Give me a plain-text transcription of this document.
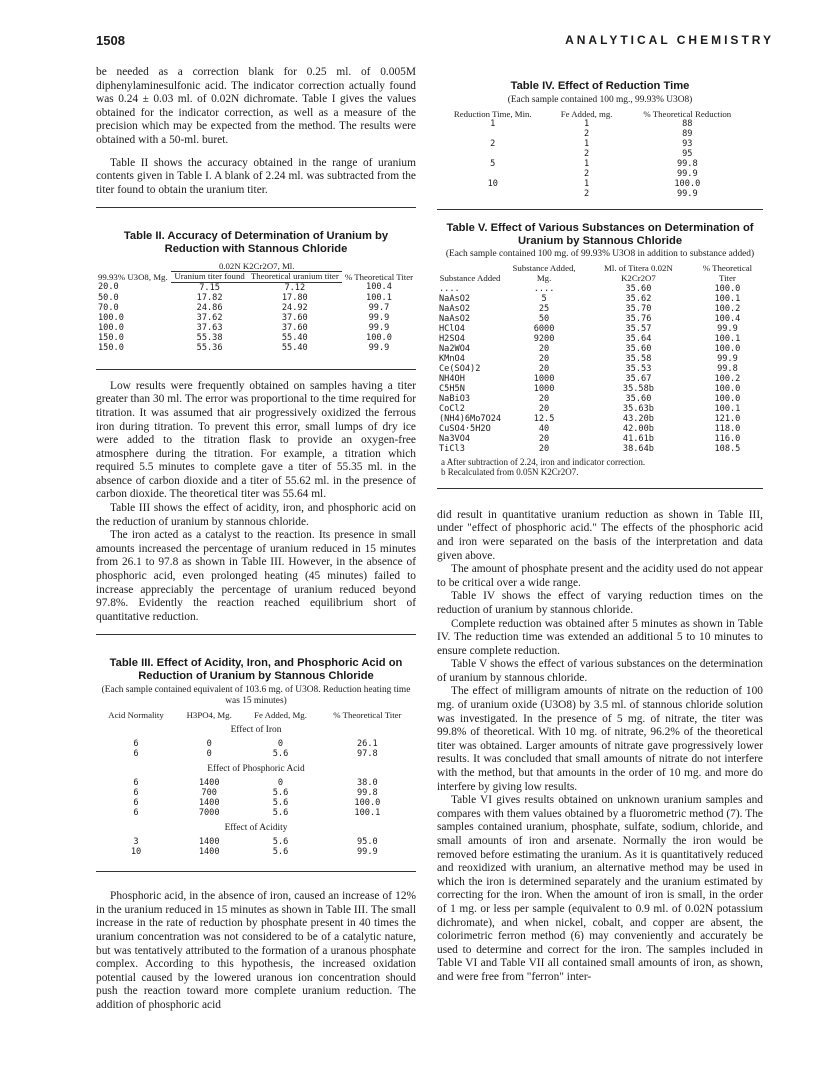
1508	ANALYTICAL CHEMISTRY

be needed as a correction blank for 0.25 ml. of 0.005M diphenylaminesulfonic acid. The indicator correction actually found was 0.24 ± 0.03 ml. of 0.02N dichromate. Table I gives the values obtained for the indicator correction, as well as a measure of the precision which may be expected from the method. The results were obtained with a 50-ml. buret.

Table II shows the accuracy obtained in the range of uranium contents given in Table I. A blank of 2.24 ml. was subtracted from the titer found to obtain the uranium titer.

Table II. Accuracy of Determination of Uranium by Reduction with Stannous Chloride

99.93% U3O8, Mg.	0.02N K2Cr2O7, Ml.		% Theoretical Titer
	Uranium titer found	Theoretical uranium titer	
20.0	7.15	7.12	100.4
50.0	17.82	17.80	100.1
70.0	24.86	24.92	99.7
100.0	37.62	37.60	99.9
100.0	37.63	37.60	99.9
150.0	55.38	55.40	100.0
150.0	55.36	55.40	99.9

Low results were frequently obtained on samples having a titer greater than 30 ml. The error was proportional to the time required for titration. It was assumed that air progressively oxidized the ferrous iron during titration. To prevent this error, small lumps of dry ice were added to the titration flask to provide an oxygen-free atmosphere during the titration. For example, a titration which required 5.5 minutes to complete gave a titer of 55.35 ml. in the absence of carbon dioxide and a titer of 55.62 ml. in the presence of carbon dioxide. The theoretical titer was 55.64 ml.

Table III shows the effect of acidity, iron, and phosphoric acid on the reduction of uranium by stannous chloride.

The iron acted as a catalyst to the reaction. Its presence in small amounts increased the percentage of uranium reduced in 15 minutes from 26.1 to 97.8 as shown in Table III. However, in the absence of phosphoric acid, even prolonged heating (45 minutes) failed to increase appreciably the percentage of uranium reduced beyond 97.8%. Evidently the reaction reached equilibrium short of quantitative reduction.

Table III. Effect of Acidity, Iron, and Phosphoric Acid on Reduction of Uranium by Stannous Chloride

(Each sample contained equivalent of 103.6 mg. of U3O8. Reduction heating time was 15 minutes)

Acid Normality	H3PO4, Mg.	Fe Added, Mg.	% Theoretical Titer
Effect of Iron			
6	0	0	26.1
6	0	5.6	97.8
Effect of Phosphoric Acid			
6	1400	0	38.0
6	700	5.6	99.8
6	1400	5.6	100.0
6	7000	5.6	100.1
Effect of Acidity			
3	1400	5.6	95.0
10	1400	5.6	99.9

Phosphoric acid, in the absence of iron, caused an increase of 12% in the uranium reduced in 15 minutes as shown in Table III. The small increase in the rate of reduction by phosphate present in 40 times the uranium concentration was not considered to be of a catalytic nature, but was tentatively attributed to the formation of a uranous phosphate complex. According to this hypothesis, the increased oxidation potential caused by the lowered uranous ion concentration should push the reaction toward more complete uranium reduction. The addition of phosphoric acid

Table IV. Effect of Reduction Time

(Each sample contained 100 mg., 99.93% U3O8)

Reduction Time, Min.	Fe Added, mg.	% Theoretical Reduction
1	1	88
	2	89
2	1	93
	2	95
5	1	99.8
	2	99.9
10	1	100.0
	2	99.9

Table V. Effect of Various Substances on Determination of Uranium by Stannous Chloride

(Each sample contained 100 mg. of 99.93% U3O8 in addition to substance added)

Substance Added	Substance Added, Mg.	Ml. of Titera 0.02N K2Cr2O7	% Theoretical Titer
....	....	35.60	100.0
NaAsO2	5	35.62	100.1
NaAsO2	25	35.70	100.2
NaAsO2	50	35.76	100.4
HClO4	6000	35.57	99.9
H2SO4	9200	35.64	100.1
Na2WO4	20	35.60	100.0
KMnO4	20	35.58	99.9
Ce(SO4)2	20	35.53	99.8
NH4OH	1000	35.67	100.2
C5H5N	1000	35.58b	100.0
NaBiO3	20	35.60	100.0
CoCl2	20	35.63b	100.1
(NH4)6Mo7O24	12.5	43.20b	121.0
CuSO4·5H2O	40	42.00b	118.0
Na3VO4	20	41.61b	116.0
TiCl3	20	38.64b	108.5

a After subtraction of 2.24, iron and indicator correction.

b Recalculated from 0.05N K2Cr2O7.

did result in quantitative uranium reduction as shown in Table III, under "effect of phosphoric acid." The effects of the phosphoric acid and iron were separated on the basis of the interpretation and data given above.

The amount of phosphate present and the acidity used do not appear to be critical over a wide range.

Table IV shows the effect of varying reduction times on the reduction of uranium by stannous chloride.

Complete reduction was obtained after 5 minutes as shown in Table IV. The reduction time was extended an additional 5 to 10 minutes to ensure complete reduction.

Table V shows the effect of various substances on the determination of uranium by stannous chloride.

The effect of milligram amounts of nitrate on the reduction of 100 mg. of uranium oxide (U3O8) by 3.5 ml. of stannous chloride solution was investigated. In the presence of 5 mg. of nitrate, the titer was 99.8% of theoretical. With 10 mg. of nitrate, 96.2% of the theoretical titer was obtained. Larger amounts of nitrate gave progressively lower results. It was concluded that small amounts of nitrate do not interfere with the method, but that amounts in the order of 10 mg. and more do interfere by giving low results.

Table VI gives results obtained on unknown uranium samples and compares with them values obtained by a fluorometric method (7). The samples contained uranium, phosphate, sulfate, sodium, chloride, and small amounts of iron and arsenate. Normally the iron would be removed before estimating the uranium. As it is quantitatively reduced and reoxidized with uranium, an alternative method may be used in which the iron is determined separately and the uranium estimated by correcting for the iron. When the amount of iron is small, in the order of 1 mg. or less per sample (equivalent to 0.9 ml. of 0.02N potassium dichromate), and when nickel, cobalt, and copper are absent, the colorimetric ferron method (6) may conveniently and accurately be used to determine and correct for the iron. The samples included in Table VI and Table VII all contained small amounts of iron, as shown, and were free from "ferron" inter-
